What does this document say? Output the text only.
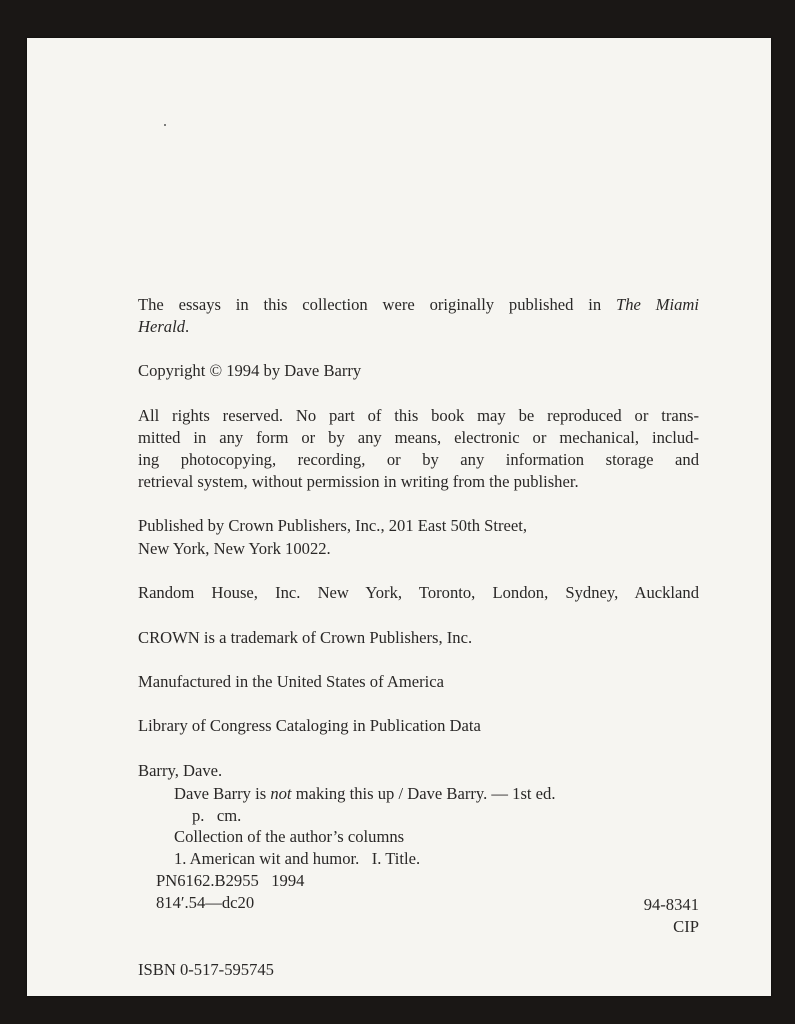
The essays in this collection were originally published in The Miami
Herald.
Copyright © 1994 by Dave Barry
All rights reserved. No part of this book may be reproduced or trans-
mitted in any form or by any means, electronic or mechanical, includ-
ing photocopying, recording, or by any information storage and
retrieval system, without permission in writing from the publisher.
Published by Crown Publishers, Inc., 201 East 50th Street,
New York, New York 10022.
Random House, Inc. New York, Toronto, London, Sydney, Auckland
CROWN is a trademark of Crown Publishers, Inc.
Manufactured in the United States of America
Library of Congress Cataloging in Publication Data
Barry, Dave.
Dave Barry is not making this up / Dave Barry. — 1st ed.
p.   cm.
Collection of the author’s columns
1. American wit and humor.   I. Title.
PN6162.B2955   1994
814′.54—dc20	94-8341
CIP
ISBN 0-517-595745
